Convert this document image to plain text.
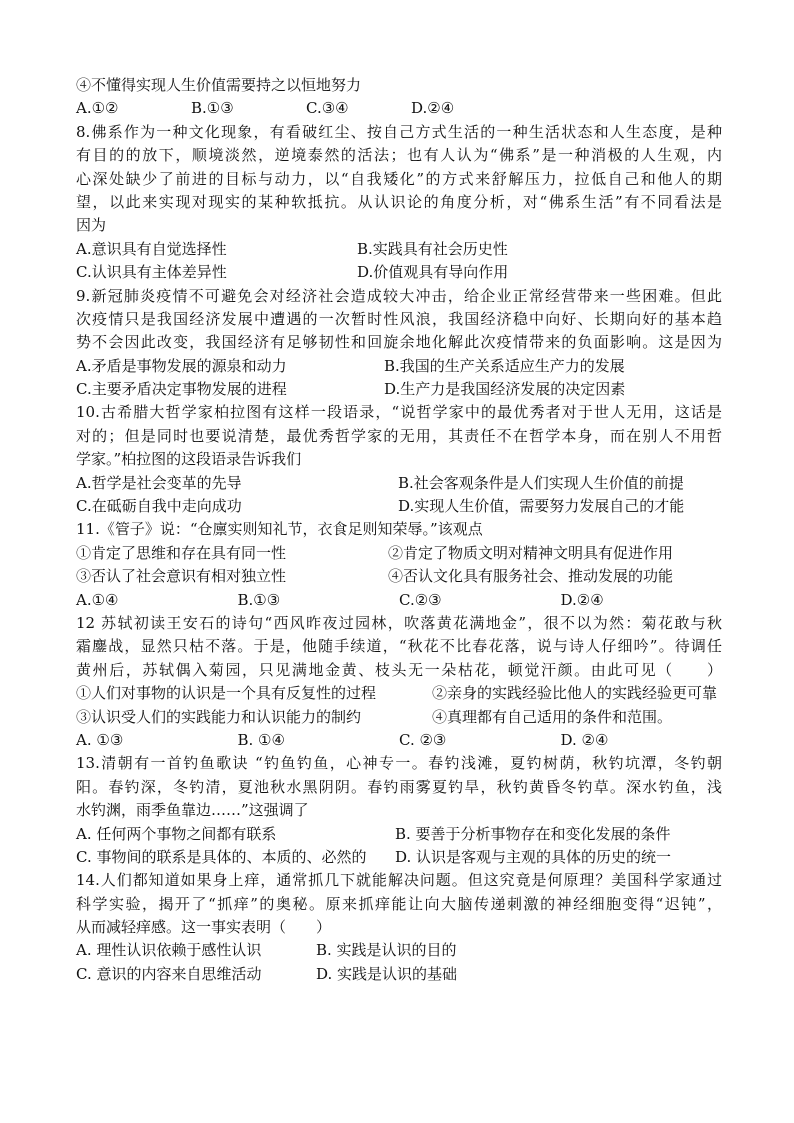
④不懂得实现人生价值需要持之以恒地努力
A.①②	B.①③	C.③④	D.②④
8.佛系作为一种文化现象，有看破红尘、按自己方式生活的一种生活状态和人生态度，是种
有目的的放下，顺境淡然，逆境泰然的活法；也有人认为“佛系”是一种消极的人生观，内
心深处缺少了前进的目标与动力，以“自我矮化”的方式来舒解压力，拉低自己和他人的期
望，以此来实现对现实的某种软抵抗。从认识论的角度分析，对“佛系生活”有不同看法是
因为
A.意识具有自觉选择性	B.实践具有社会历史性
C.认识具有主体差异性	D.价值观具有导向作用
9.新冠肺炎疫情不可避免会对经济社会造成较大冲击，给企业正常经营带来一些困难。但此
次疫情只是我国经济发展中遭遇的一次暂时性风浪，我国经济稳中向好、长期向好的基本趋
势不会因此改变，我国经济有足够韧性和回旋余地化解此次疫情带来的负面影响。这是因为
A.矛盾是事物发展的源泉和动力	B.我国的生产关系适应生产力的发展
C.主要矛盾决定事物发展的进程	D.生产力是我国经济发展的决定因素
10.古希腊大哲学家柏拉图有这样一段语录，“说哲学家中的最优秀者对于世人无用，这话是
对的；但是同时也要说清楚，最优秀哲学家的无用，其责任不在哲学本身，而在别人不用哲
学家。”柏拉图的这段语录告诉我们
A.哲学是社会变革的先导	B.社会客观条件是人们实现人生价值的前提
C.在砥砺自我中走向成功	D.实现人生价值，需要努力发展自己的才能
11.《管子》说：“仓廪实则知礼节，衣食足则知荣辱。”该观点
①肯定了思维和存在具有同一性	②肯定了物质文明对精神文明具有促进作用
③否认了社会意识有相对独立性	④否认文化具有服务社会、推动发展的功能
A.①④	B.①③	C.②③	D.②④
12 苏轼初读王安石的诗句“西风昨夜过园林，吹落黄花满地金”，很不以为然：菊花敢与秋
霜鏖战，显然只枯不落。于是，他随手续道，“秋花不比春花落，说与诗人仔细吟”。待调任
黄州后，苏轼偶入菊园，只见满地金黄、枝头无一朵枯花，顿觉汗颜。由此可见（　　）
①人们对事物的认识是一个具有反复性的过程	②亲身的实践经验比他人的实践经验更可靠
③认识受人们的实践能力和认识能力的制约	④真理都有自己适用的条件和范围。
A. ①③	B. ①④	C. ②③	D. ②④
13.清朝有一首钓鱼歌诀 “钓鱼钓鱼，心神专一。春钓浅滩，夏钓树荫，秋钓坑潭，冬钓朝
阳。春钓深，冬钓清，夏池秋水黑阴阴。春钓雨雾夏钓旱，秋钓黄昏冬钓草。深水钓鱼，浅
水钓渊，雨季鱼靠边……”这强调了
A. 任何两个事物之间都有联系	B. 要善于分析事物存在和变化发展的条件
C. 事物间的联系是具体的、本质的、必然的	D. 认识是客观与主观的具体的历史的统一
14.人们都知道如果身上痒，通常抓几下就能解决问题。但这究竟是何原理？美国科学家通过
科学实验，揭开了“抓痒”的奥秘。原来抓痒能让向大脑传递刺激的神经细胞变得“迟钝”，
从而减轻痒感。这一事实表明（　　）
A. 理性认识依赖于感性认识	B. 实践是认识的目的
C. 意识的内容来自思维活动	D. 实践是认识的基础
